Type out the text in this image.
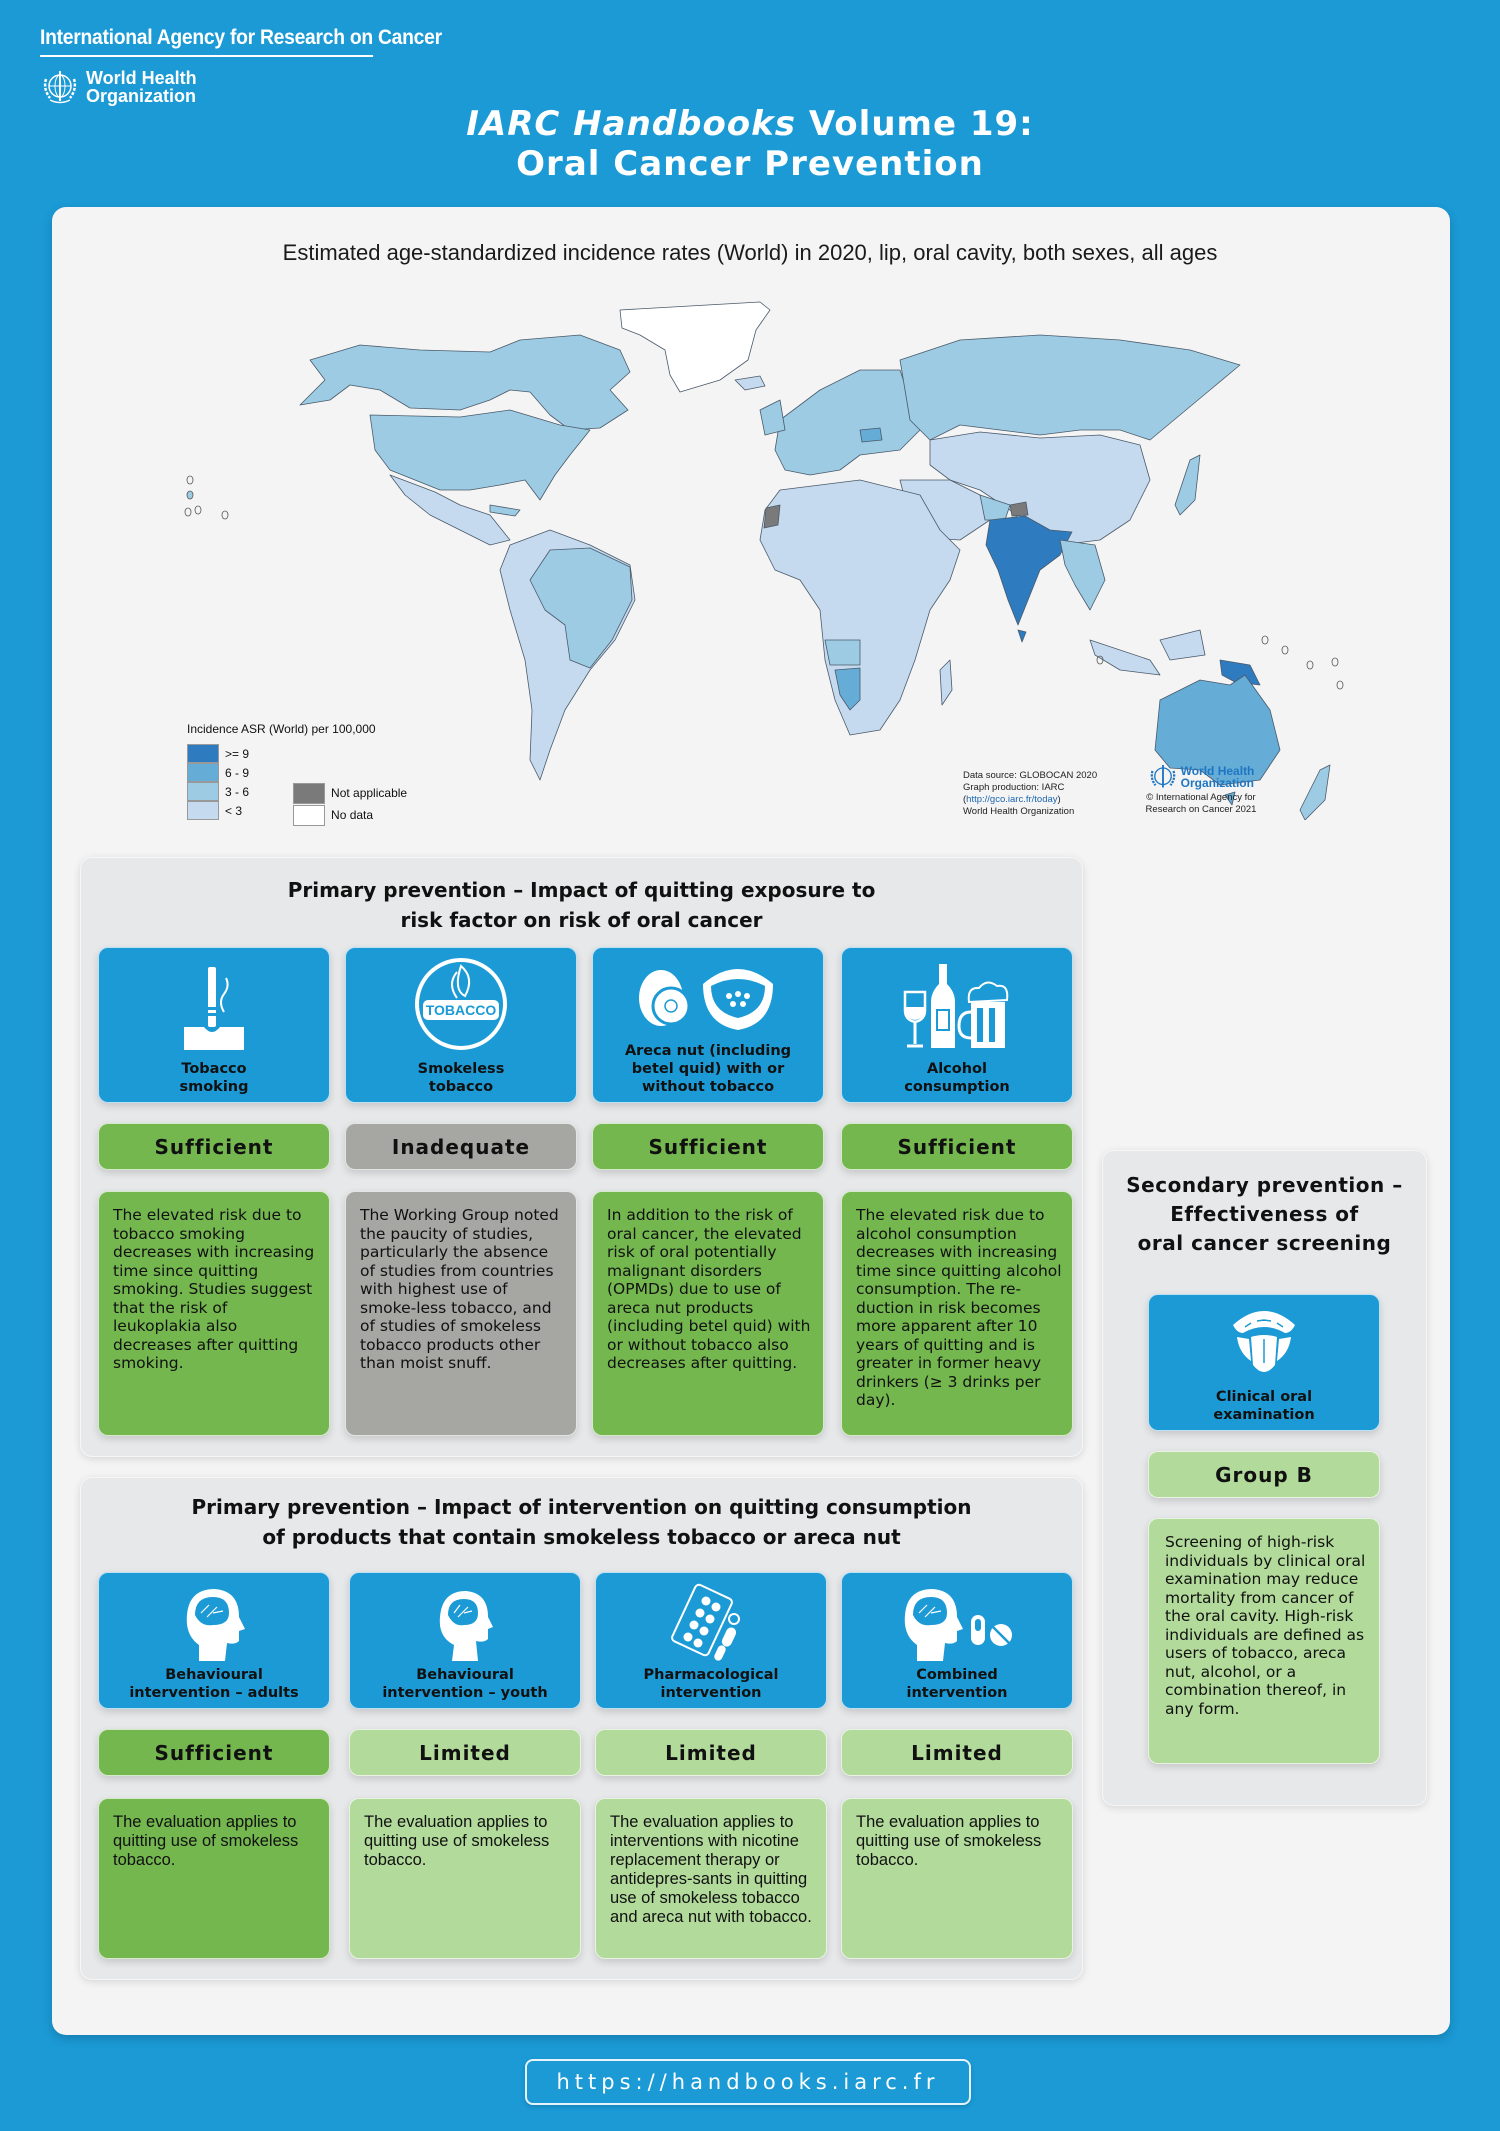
International Agency for Research on Cancer
World Health
Organization
IARC Handbooks Volume 19:
Oral Cancer Prevention
Estimated age-standardized incidence rates (World) in 2020, lip, oral cavity, both sexes, all ages
Incidence ASR (World) per 100,000
>= 9
6 - 9
3 - 6
< 3
Not applicable
No data
Data source: GLOBOCAN 2020
Graph production: IARC
(http://gco.iarc.fr/today)
World Health Organization
World Health
Organization
© International Agency for
Research on Cancer 2021
Primary prevention – Impact of quitting exposure to
risk factor on risk of oral cancer
Tobacco
smoking
TOBACCO
Smokeless
tobacco
Areca nut (including
betel quid) with or
without tobacco
Alcohol
consumption
Sufficient	Inadequate	Sufficient	Sufficient
The elevated risk due to tobacco smoking decreases with increasing time since quitting smoking. Studies suggest that the risk of leukoplakia also decreases after quitting smoking.
The Working Group noted the paucity of studies, particularly the absence of studies from countries with highest use of smoke-less tobacco, and of studies of smokeless tobacco products other than moist snuff.
In addition to the risk of oral cancer, the elevated risk of oral potentially malignant disorders (OPMDs) due to use of areca nut products (including betel quid) with or without tobacco also decreases after quitting.
The elevated risk due to alcohol consumption decreases with increasing time since quitting alcohol consumption. The re-duction in risk becomes more apparent after 10 years of quitting and is greater in former heavy drinkers (≥ 3 drinks per day).
Primary prevention – Impact of intervention on quitting consumption
of products that contain smokeless tobacco or areca nut
Behavioural
intervention – adults
Behavioural
intervention – youth
Pharmacological
intervention
Combined
intervention
Sufficient	Limited	Limited	Limited
The evaluation applies to quitting use of smokeless tobacco.
The evaluation applies to quitting use of smokeless tobacco.
The evaluation applies to interventions with nicotine replacement therapy or antidepres-sants in quitting use of smokeless tobacco and areca nut with tobacco.
The evaluation applies to quitting use of smokeless tobacco.
Secondary prevention –
Effectiveness of
oral cancer screening
Clinical oral
examination
Group B
Screening of high-risk individuals by clinical oral examination may reduce mortality from cancer of the oral cavity. High-risk individuals are defined as users of tobacco, areca nut, alcohol, or a combination thereof, in any form.
https://handbooks.iarc.fr
